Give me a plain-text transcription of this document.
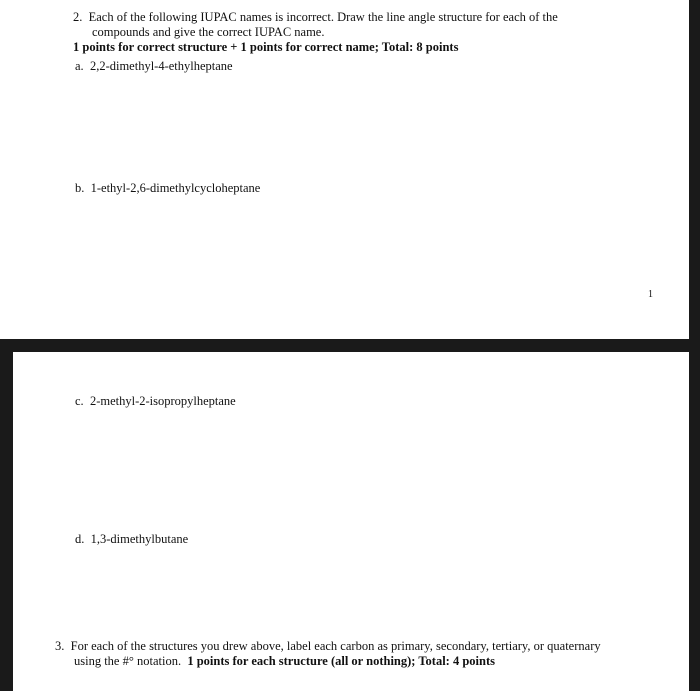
2. Each of the following IUPAC names is incorrect. Draw the line angle structure for each of the
compounds and give the correct IUPAC name.
1 points for correct structure + 1 points for correct name; Total: 8 points
a. 2,2-dimethyl-4-ethylheptane
b. 1-ethyl-2,6-dimethylcycloheptane
1
c. 2-methyl-2-isopropylheptane
d. 1,3-dimethylbutane
3. For each of the structures you drew above, label each carbon as primary, secondary, tertiary, or quaternary
using the #° notation. 1 points for each structure (all or nothing); Total: 4 points
